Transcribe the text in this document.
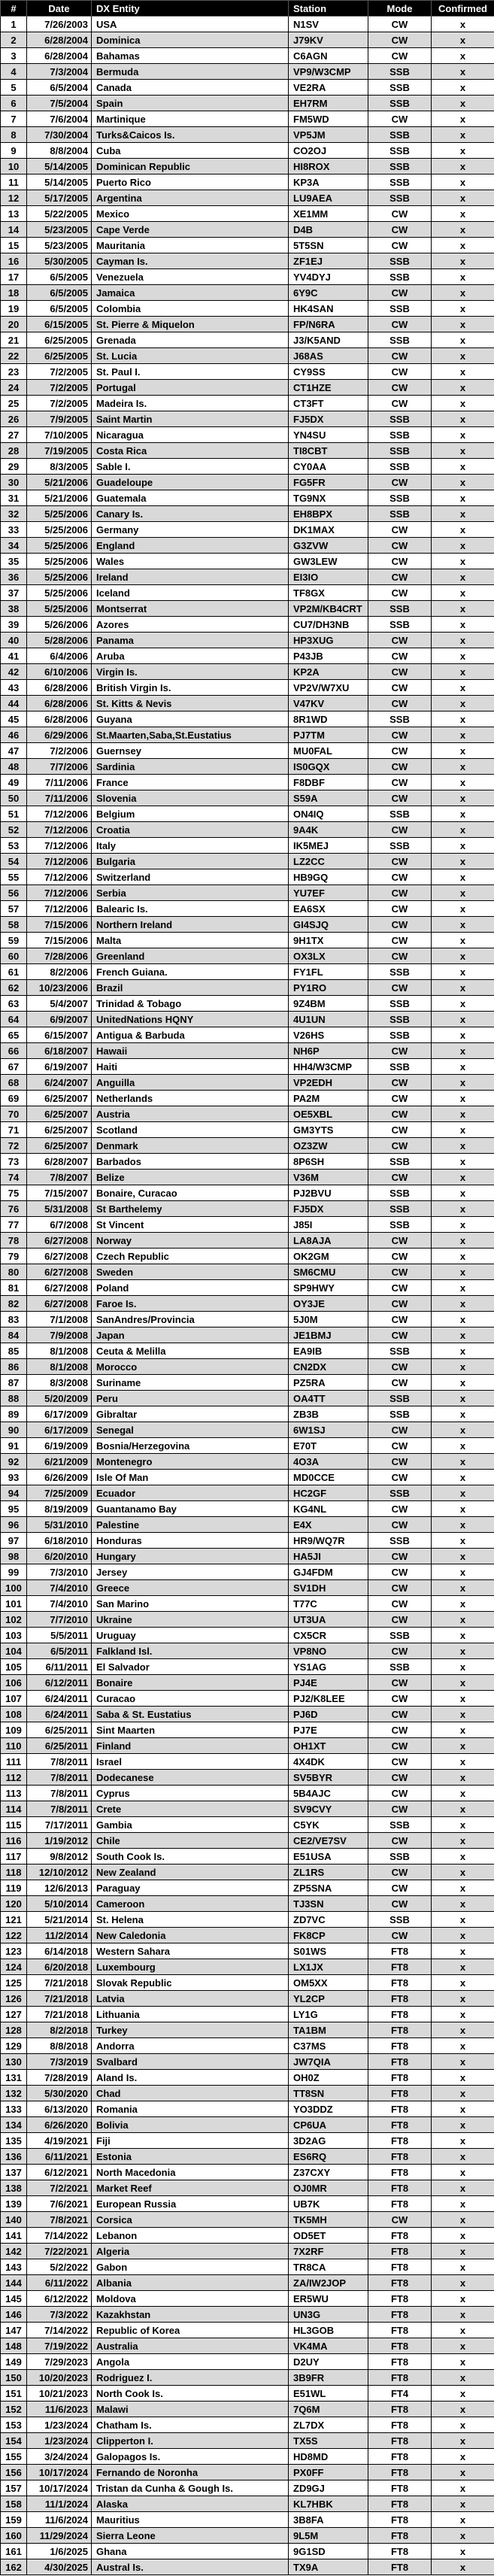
#	Date	DX Entity	Station	Mode	Confirmed
1	7/26/2003	USA	N1SV	CW	x
2	6/28/2004	Dominica	J79KV	CW	x
3	6/28/2004	Bahamas	C6AGN	CW	x
4	7/3/2004	Bermuda	VP9/W3CMP	SSB	x
5	6/5/2004	Canada	VE2RA	SSB	x
6	7/5/2004	Spain	EH7RM	SSB	x
7	7/6/2004	Martinique	FM5WD	CW	x
8	7/30/2004	Turks&Caicos Is.	VP5JM	SSB	x
9	8/8/2004	Cuba	CO2OJ	SSB	x
10	5/14/2005	Dominican Republic	HI8ROX	SSB	x
11	5/14/2005	Puerto Rico	KP3A	SSB	x
12	5/17/2005	Argentina	LU9AEA	SSB	x
13	5/22/2005	Mexico	XE1MM	CW	x
14	5/23/2005	Cape Verde	D4B	CW	x
15	5/23/2005	Mauritania	5T5SN	CW	x
16	5/30/2005	Cayman Is.	ZF1EJ	SSB	x
17	6/5/2005	Venezuela	YV4DYJ	SSB	x
18	6/5/2005	Jamaica	6Y9C	CW	x
19	6/5/2005	Colombia	HK4SAN	SSB	x
20	6/15/2005	St. Pierre & Miquelon	FP/N6RA	CW	x
21	6/25/2005	Grenada	J3/K5AND	SSB	x
22	6/25/2005	St. Lucia	J68AS	CW	x
23	7/2/2005	St. Paul I.	CY9SS	CW	x
24	7/2/2005	Portugal	CT1HZE	CW	x
25	7/2/2005	Madeira Is.	CT3FT	CW	x
26	7/9/2005	Saint Martin	FJ5DX	SSB	x
27	7/10/2005	Nicaragua	YN4SU	SSB	x
28	7/19/2005	Costa Rica	TI8CBT	SSB	x
29	8/3/2005	Sable I.	CY0AA	SSB	x
30	5/21/2006	Guadeloupe	FG5FR	CW	x
31	5/21/2006	Guatemala	TG9NX	SSB	x
32	5/25/2006	Canary Is.	EH8BPX	SSB	x
33	5/25/2006	Germany	DK1MAX	CW	x
34	5/25/2006	England	G3ZVW	CW	x
35	5/25/2006	Wales	GW3LEW	CW	x
36	5/25/2006	Ireland	EI3IO	CW	x
37	5/25/2006	Iceland	TF8GX	CW	x
38	5/25/2006	Montserrat	VP2M/KB4CRT	SSB	x
39	5/26/2006	Azores	CU7/DH3NB	SSB	x
40	5/28/2006	Panama	HP3XUG	CW	x
41	6/4/2006	Aruba	P43JB	CW	x
42	6/10/2006	Virgin Is.	KP2A	CW	x
43	6/28/2006	British Virgin Is.	VP2V/W7XU	CW	x
44	6/28/2006	St. Kitts & Nevis	V47KV	CW	x
45	6/28/2006	Guyana	8R1WD	SSB	x
46	6/29/2006	St.Maarten,Saba,St.Eustatius	PJ7TM	CW	x
47	7/2/2006	Guernsey	MU0FAL	CW	x
48	7/7/2006	Sardinia	IS0GQX	CW	x
49	7/11/2006	France	F8DBF	CW	x
50	7/11/2006	Slovenia	S59A	CW	x
51	7/12/2006	Belgium	ON4IQ	SSB	x
52	7/12/2006	Croatia	9A4K	CW	x
53	7/12/2006	Italy	IK5MEJ	SSB	x
54	7/12/2006	Bulgaria	LZ2CC	CW	x
55	7/12/2006	Switzerland	HB9GQ	CW	x
56	7/12/2006	Serbia	YU7EF	CW	x
57	7/12/2006	Balearic Is.	EA6SX	CW	x
58	7/15/2006	Northern Ireland	GI4SJQ	CW	x
59	7/15/2006	Malta	9H1TX	CW	x
60	7/28/2006	Greenland	OX3LX	CW	x
61	8/2/2006	French Guiana.	FY1FL	SSB	x
62	10/23/2006	Brazil	PY1RO	CW	x
63	5/4/2007	Trinidad & Tobago	9Z4BM	SSB	x
64	6/9/2007	UnitedNations HQNY	4U1UN	SSB	x
65	6/15/2007	Antigua & Barbuda	V26HS	SSB	x
66	6/18/2007	Hawaii	NH6P	CW	x
67	6/19/2007	Haiti	HH4/W3CMP	SSB	x
68	6/24/2007	Anguilla	VP2EDH	CW	x
69	6/25/2007	Netherlands	PA2M	CW	x
70	6/25/2007	Austria	OE5XBL	CW	x
71	6/25/2007	Scotland	GM3YTS	CW	x
72	6/25/2007	Denmark	OZ3ZW	CW	x
73	6/28/2007	Barbados	8P6SH	SSB	x
74	7/8/2007	Belize	V36M	CW	x
75	7/15/2007	Bonaire, Curacao	PJ2BVU	SSB	x
76	5/31/2008	St Barthelemy	FJ5DX	SSB	x
77	6/7/2008	St Vincent	J85I	SSB	x
78	6/27/2008	Norway	LA8AJA	CW	x
79	6/27/2008	Czech Republic	OK2GM	CW	x
80	6/27/2008	Sweden	SM6CMU	CW	x
81	6/27/2008	Poland	SP9HWY	CW	x
82	6/27/2008	Faroe Is.	OY3JE	CW	x
83	7/1/2008	SanAndres/Provincia	5J0M	CW	x
84	7/9/2008	Japan	JE1BMJ	CW	x
85	8/1/2008	Ceuta & Melilla	EA9IB	SSB	x
86	8/1/2008	Morocco	CN2DX	CW	x
87	8/3/2008	Suriname	PZ5RA	CW	x
88	5/20/2009	Peru	OA4TT	SSB	x
89	6/17/2009	Gibraltar	ZB3B	SSB	x
90	6/17/2009	Senegal	6W1SJ	CW	x
91	6/19/2009	Bosnia/Herzegovina	E70T	CW	x
92	6/21/2009	Montenegro	4O3A	CW	x
93	6/26/2009	Isle Of Man	MD0CCE	CW	x
94	7/25/2009	Ecuador	HC2GF	SSB	x
95	8/19/2009	Guantanamo Bay	KG4NL	CW	x
96	5/31/2010	Palestine	E4X	CW	x
97	6/18/2010	Honduras	HR9/WQ7R	SSB	x
98	6/20/2010	Hungary	HA5JI	CW	x
99	7/3/2010	Jersey	GJ4FDM	CW	x
100	7/4/2010	Greece	SV1DH	CW	x
101	7/4/2010	San Marino	T77C	CW	x
102	7/7/2010	Ukraine	UT3UA	CW	x
103	5/5/2011	Uruguay	CX5CR	SSB	x
104	6/5/2011	Falkland Isl.	VP8NO	CW	x
105	6/11/2011	El Salvador	YS1AG	SSB	x
106	6/12/2011	Bonaire	PJ4E	CW	x
107	6/24/2011	Curacao	PJ2/K8LEE	CW	x
108	6/24/2011	Saba & St. Eustatius	PJ6D	CW	x
109	6/25/2011	Sint Maarten	PJ7E	CW	x
110	6/25/2011	Finland	OH1XT	CW	x
111	7/8/2011	Israel	4X4DK	CW	x
112	7/8/2011	Dodecanese	SV5BYR	CW	x
113	7/8/2011	Cyprus	5B4AJC	CW	x
114	7/8/2011	Crete	SV9CVY	CW	x
115	7/17/2011	Gambia	C5YK	SSB	x
116	1/19/2012	Chile	CE2/VE7SV	CW	x
117	9/8/2012	South Cook Is.	E51USA	SSB	x
118	12/10/2012	New Zealand	ZL1RS	CW	x
119	12/6/2013	Paraguay	ZP5SNA	CW	x
120	5/10/2014	Cameroon	TJ3SN	CW	x
121	5/21/2014	St. Helena	ZD7VC	SSB	x
122	11/2/2014	New Caledonia	FK8CP	CW	x
123	6/14/2018	Western Sahara	S01WS	FT8	x
124	6/20/2018	Luxembourg	LX1JX	FT8	x
125	7/21/2018	Slovak Republic	OM5XX	FT8	x
126	7/21/2018	Latvia	YL2CP	FT8	x
127	7/21/2018	Lithuania	LY1G	FT8	x
128	8/2/2018	Turkey	TA1BM	FT8	x
129	8/8/2018	Andorra	C37MS	FT8	x
130	7/3/2019	Svalbard	JW7QIA	FT8	x
131	7/28/2019	Aland Is.	OH0Z	FT8	x
132	5/30/2020	Chad	TT8SN	FT8	x
133	6/13/2020	Romania	YO3DDZ	FT8	x
134	6/26/2020	Bolivia	CP6UA	FT8	x
135	4/19/2021	Fiji	3D2AG	FT8	x
136	6/11/2021	Estonia	ES6RQ	FT8	x
137	6/12/2021	North Macedonia	Z37CXY	FT8	x
138	7/2/2021	Market Reef	OJ0MR	FT8	x
139	7/6/2021	European Russia	UB7K	FT8	x
140	7/8/2021	Corsica	TK5MH	CW	x
141	7/14/2022	Lebanon	OD5ET	FT8	x
142	7/22/2021	Algeria	7X2RF	FT8	x
143	5/2/2022	Gabon	TR8CA	FT8	x
144	6/11/2022	Albania	ZA/IW2JOP	FT8	x
145	6/12/2022	Moldova	ER5WU	FT8	x
146	7/3/2022	Kazakhstan	UN3G	FT8	x
147	7/14/2022	Republic of Korea	HL3GOB	FT8	x
148	7/19/2022	Australia	VK4MA	FT8	x
149	7/29/2023	Angola	D2UY	FT8	x
150	10/20/2023	Rodriguez I.	3B9FR	FT8	x
151	10/21/2023	North Cook Is.	E51WL	FT4	x
152	11/6/2023	Malawi	7Q6M	FT8	x
153	1/23/2024	Chatham Is.	ZL7DX	FT8	x
154	1/23/2024	Clipperton I.	TX5S	FT8	x
155	3/24/2024	Galopagos Is.	HD8MD	FT8	x
156	10/17/2024	Fernando de Noronha	PX0FF	FT8	x
157	10/17/2024	Tristan da Cunha & Gough Is.	ZD9GJ	FT8	x
158	11/1/2024	Alaska	KL7HBK	FT8	x
159	11/6/2024	Mauritius	3B8FA	FT8	x
160	11/29/2024	Sierra Leone	9L5M	FT8	x
161	1/6/2025	Ghana	9G1SD	FT8	x
162	4/30/2025	Austral Is.	TX9A	FT8	x
